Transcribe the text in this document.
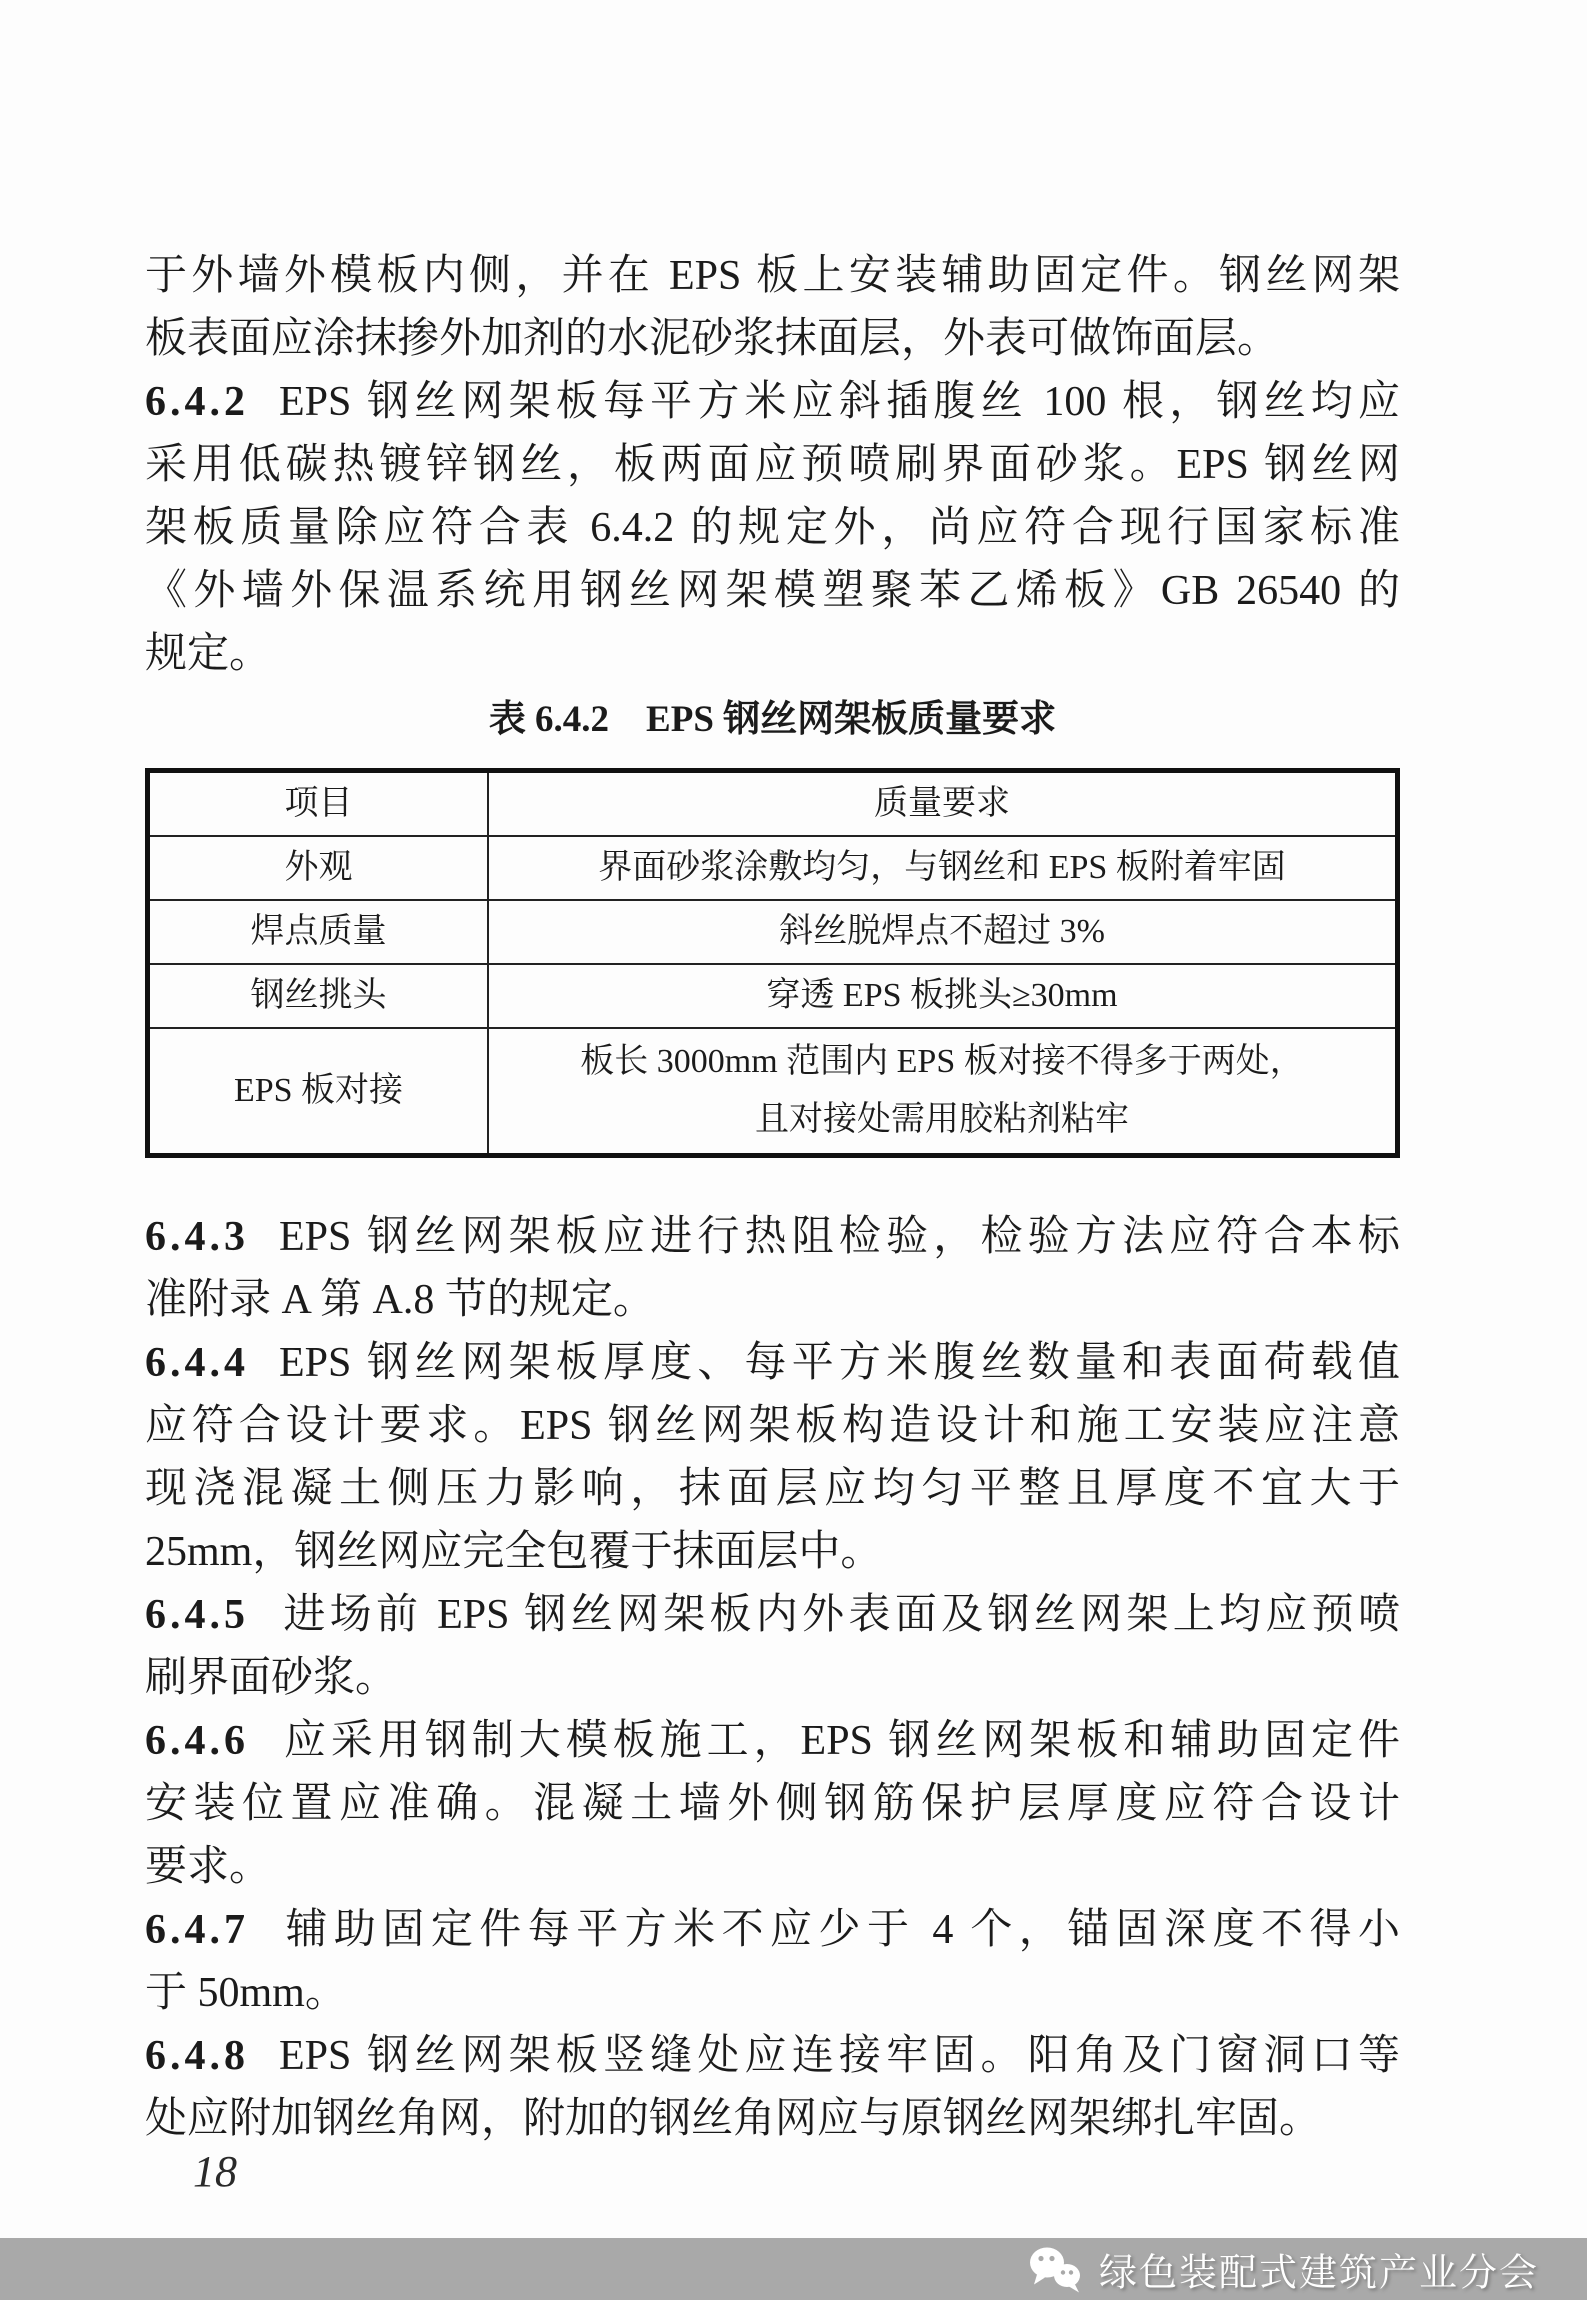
于外墙外模板内侧，并在 EPS 板上安装辅助固定件。钢丝网架
板表面应涂抹掺外加剂的水泥砂浆抹面层，外表可做饰面层。
6.4.2 EPS 钢丝网架板每平方米应斜插腹丝 100 根，钢丝均应
采用低碳热镀锌钢丝，板两面应预喷刷界面砂浆。EPS 钢丝网
架板质量除应符合表 6.4.2 的规定外，尚应符合现行国家标准
《外墙外保温系统用钢丝网架模塑聚苯乙烯板》GB 26540 的
规定。
表 6.4.2　EPS 钢丝网架板质量要求
项目	质量要求
外观	界面砂浆涂敷均匀，与钢丝和 EPS 板附着牢固

焊点质量	斜丝脱焊点不超过 3%

钢丝挑头	穿透 EPS 板挑头≥30mm

EPS 板对接	板长 3000mm 范围内 EPS 板对接不得多于两处，
且对接处需用胶粘剂粘牢
6.4.3 EPS 钢丝网架板应进行热阻检验，检验方法应符合本标
准附录 A 第 A.8 节的规定。
6.4.4 EPS 钢丝网架板厚度、每平方米腹丝数量和表面荷载值
应符合设计要求。EPS 钢丝网架板构造设计和施工安装应注意
现浇混凝土侧压力影响，抹面层应均匀平整且厚度不宜大于
25mm，钢丝网应完全包覆于抹面层中。
6.4.5 进场前 EPS 钢丝网架板内外表面及钢丝网架上均应预喷
刷界面砂浆。
6.4.6 应采用钢制大模板施工，EPS 钢丝网架板和辅助固定件
安装位置应准确。混凝土墙外侧钢筋保护层厚度应符合设计
要求。
6.4.7 辅助固定件每平方米不应少于 4 个，锚固深度不得小
于 50mm。
6.4.8 EPS 钢丝网架板竖缝处应连接牢固。阳角及门窗洞口等
处应附加钢丝角网，附加的钢丝角网应与原钢丝网架绑扎牢固。
18
绿色装配式建筑产业分会
